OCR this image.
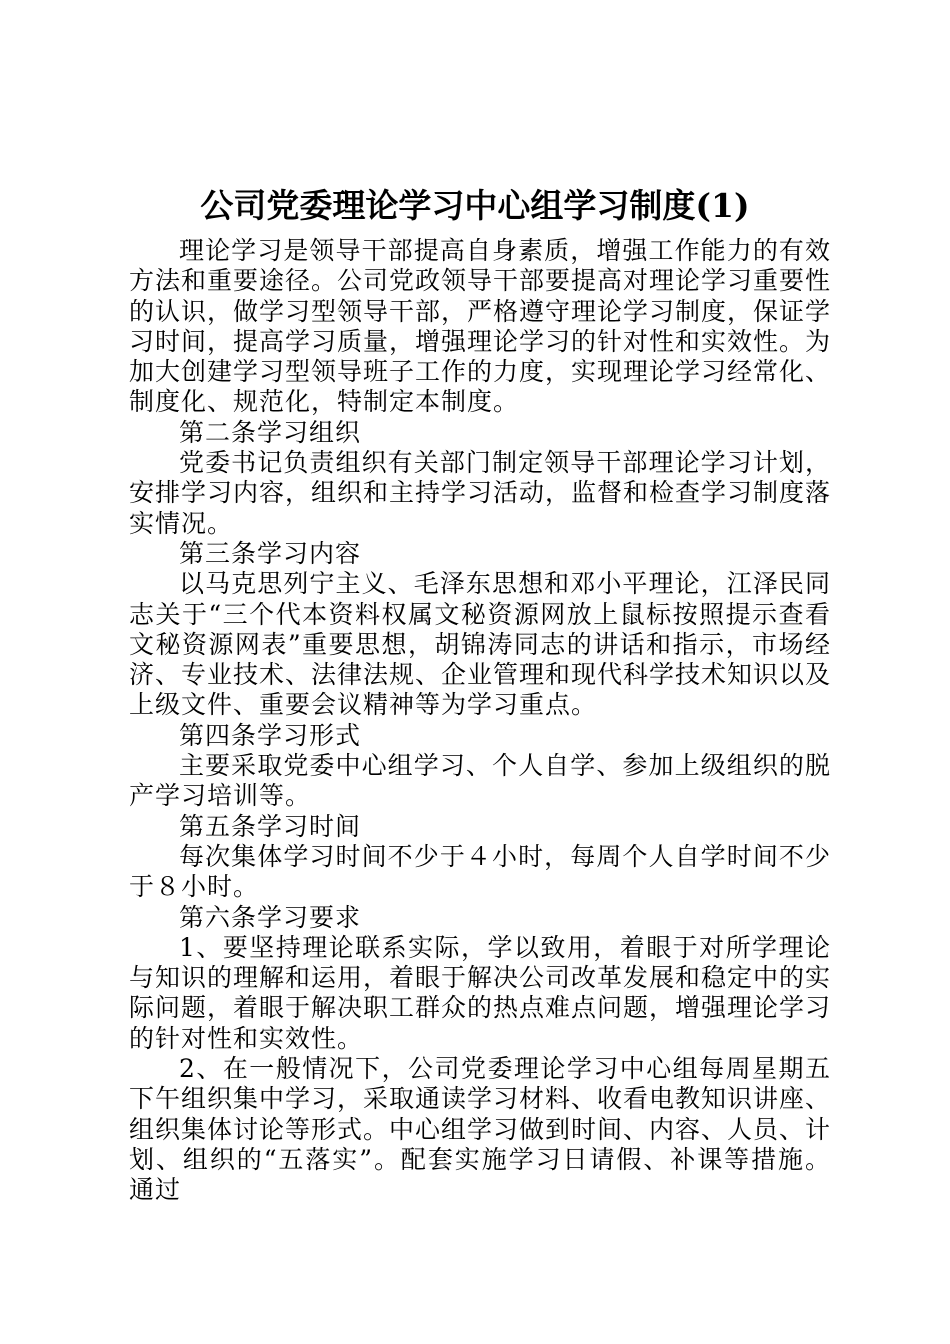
公司党委理论学习中心组学习制度(1)

理论学习是领导干部提高自身素质，增强工作能力的有效方法和重要途径。公司党政领导干部要提高对理论学习重要性的认识，做学习型领导干部，严格遵守理论学习制度，保证学习时间，提高学习质量，增强理论学习的针对性和实效性。为加大创建学习型领导班子工作的力度，实现理论学习经常化、制度化、规范化，特制定本制度。

第二条学习组织

党委书记负责组织有关部门制定领导干部理论学习计划，安排学习内容，组织和主持学习活动，监督和检查学习制度落实情况。

第三条学习内容

以马克思列宁主义、毛泽东思想和邓小平理论，江泽民同志关于“三个代本资料权属文秘资源网放上鼠标按照提示查看文秘资源网表”重要思想，胡锦涛同志的讲话和指示，市场经济、专业技术、法律法规、企业管理和现代科学技术知识以及上级文件、重要会议精神等为学习重点。

第四条学习形式

主要采取党委中心组学习、个人自学、参加上级组织的脱产学习培训等。

第五条学习时间

每次集体学习时间不少于４小时，每周个人自学时间不少于８小时。

第六条学习要求

1、要坚持理论联系实际，学以致用，着眼于对所学理论与知识的理解和运用，着眼于解决公司改革发展和稳定中的实际问题，着眼于解决职工群众的热点难点问题，增强理论学习的针对性和实效性。

2、在一般情况下，公司党委理论学习中心组每周星期五下午组织集中学习，采取通读学习材料、收看电教知识讲座、组织集体讨论等形式。中心组学习做到时间、内容、人员、计划、组织的“五落实”。配套实施学习日请假、补课等措施。通过
